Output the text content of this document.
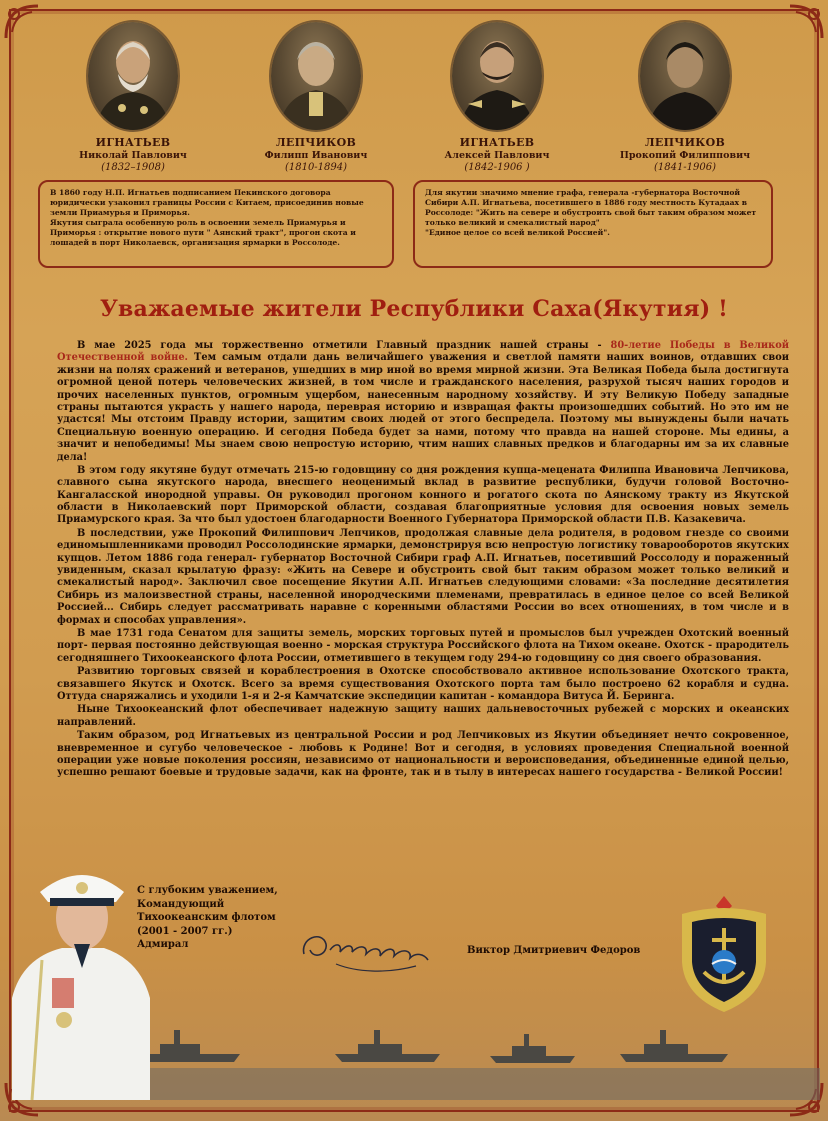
ИГНАТЬЕВ
Николай Павлович
(1832–1908)
ЛЕПЧИКОВ
Филипп Иванович
(1810-1894)
ИГНАТЬЕВ
Алексей Павлович
(1842-1906 )
ЛЕПЧИКОВ
Прокопий Филиппович
(1841-1906)

В 1860 году Н.П. Игнатьев подписанием Пекинского договора юридически узаконил границы России с Китаем, присоединив новые земли Приамурья и Приморья.

Якутия сыграла особенную роль в освоении земель Приамурья и Приморья : открытие нового пути " Аянский тракт", прогон скота и лошадей в порт Николаевск, организация ярмарки в Россолоде.

Для якутии значимо мнение графа, генерала -губернатора Восточной Сибири А.П. Игнатьева, посетившего в 1886 году местность Кутадаах в Россолоде: "Жить на севере и обустроить свой быт таким образом может только великий и смекалистый народ"

"Единое целое со всей великой Россией".

Уважаемые жители Республики Саха(Якутия) !

В мае 2025 года мы торжественно отметили Главный праздник нашей страны - 80-летие Победы в Великой Отечественной войне. Тем самым отдали дань величайшего уважения и светлой памяти наших воинов, отдавших свои жизни на полях сражений и ветеранов, ушедших в мир иной во время мирной жизни. Эта Великая Победа была достигнута огромной ценой потерь человеческих жизней, в том числе и гражданского населения, разрухой тысяч наших городов и прочих населенных пунктов, огромным ущербом, нанесенным народному хозяйству. И эту Великую Победу западные страны пытаются украсть у нашего народа, переврая историю и извращая факты произошедших событий. Но это им не удастся! Мы отстоим Правду истории, защитим своих людей от этого беспредела. Поэтому мы вынуждены были начать Специальную военную операцию. И сегодня Победа будет за нами, потому что правда на нашей стороне. Мы едины, а значит и непобедимы! Мы знаем свою непростую историю, чтим наших славных предков и благодарны им за их славные дела!

В этом году якутяне будут отмечать 215-ю годовщину со дня рождения купца-мецената Филиппа Ивановича Лепчикова, славного сына якутского народа, внесшего неоценимый вклад в развитие республики, будучи головой Восточно- Кангаласской инородной управы. Он руководил прогоном конного и рогатого скота по Аянскому тракту из Якутской области в Николаевский порт Приморской области, создавая благоприятные условия для освоения новых земель Приамурского края. За что был удостоен благодарности Военного Губернатора Приморской области П.В. Казакевича.

В последствии, уже Прокопий Филиппович Лепчиков, продолжая славные дела родителя, в родовом гнезде со своими единомышленниками проводил Россолодинские ярмарки, демонстрируя всю непростую логистику товарооборотов якутских купцов. Летом 1886 года генерал- губернатор Восточной Сибири граф А.П. Игнатьев, посетивший Россолоду и пораженный увиденным, сказал крылатую фразу: «Жить на Севере и обустроить свой быт таким образом может только великий и смекалистый народ». Заключил свое посещение Якутии А.П. Игнатьев следующими словами: «За последние десятилетия Сибирь из малоизвестной страны, населенной инородческими племенами, превратилась в единое целое со всей Великой Россией... Сибирь следует рассматривать наравне с коренными областями России во всех отношениях, в том числе и в формах и способах управления».

В мае 1731 года Сенатом для защиты земель, морских торговых путей и промыслов был учрежден Охотский военный порт- первая постоянно действующая военно - морская структура Российского флота на Тихом океане. Охотск - прародитель сегодняшнего Тихоокеанского флота России, отметившего в текущем году 294-ю годовщину со дня своего образования.

Развитию торговых связей и кораблестроения в Охотске способствовало активное использование Охотского тракта, связавшего Якутск и Охотск. Всего за время существования Охотского порта там было построено 62 корабля и судна. Оттуда снаряжались и уходили 1-я и 2-я Камчатские экспедиции капитан - командора Витуса Й. Беринга.

Ныне Тихоокеанский флот обеспечивает надежную защиту наших дальневосточных рубежей с морских и океанских направлений.

Таким образом, род Игнатьевых из центральной России и род Лепчиковых из Якутии объединяет нечто сокровенное, вневременное и сугубо человеческое - любовь к Родине! Вот и сегодня, в условиях проведения Специальной военной операции уже новые поколения россиян, независимо от национальности и вероисповедания, объединенные единой целью, успешно решают боевые и трудовые задачи, как на фронте, так и в тылу в интересах нашего государства - Великой России!

С глубоким уважением,
Командующий
Тихоокеанским флотом
(2001 - 2007 гг.)
Адмирал
Виктор Дмитриевич Федоров
